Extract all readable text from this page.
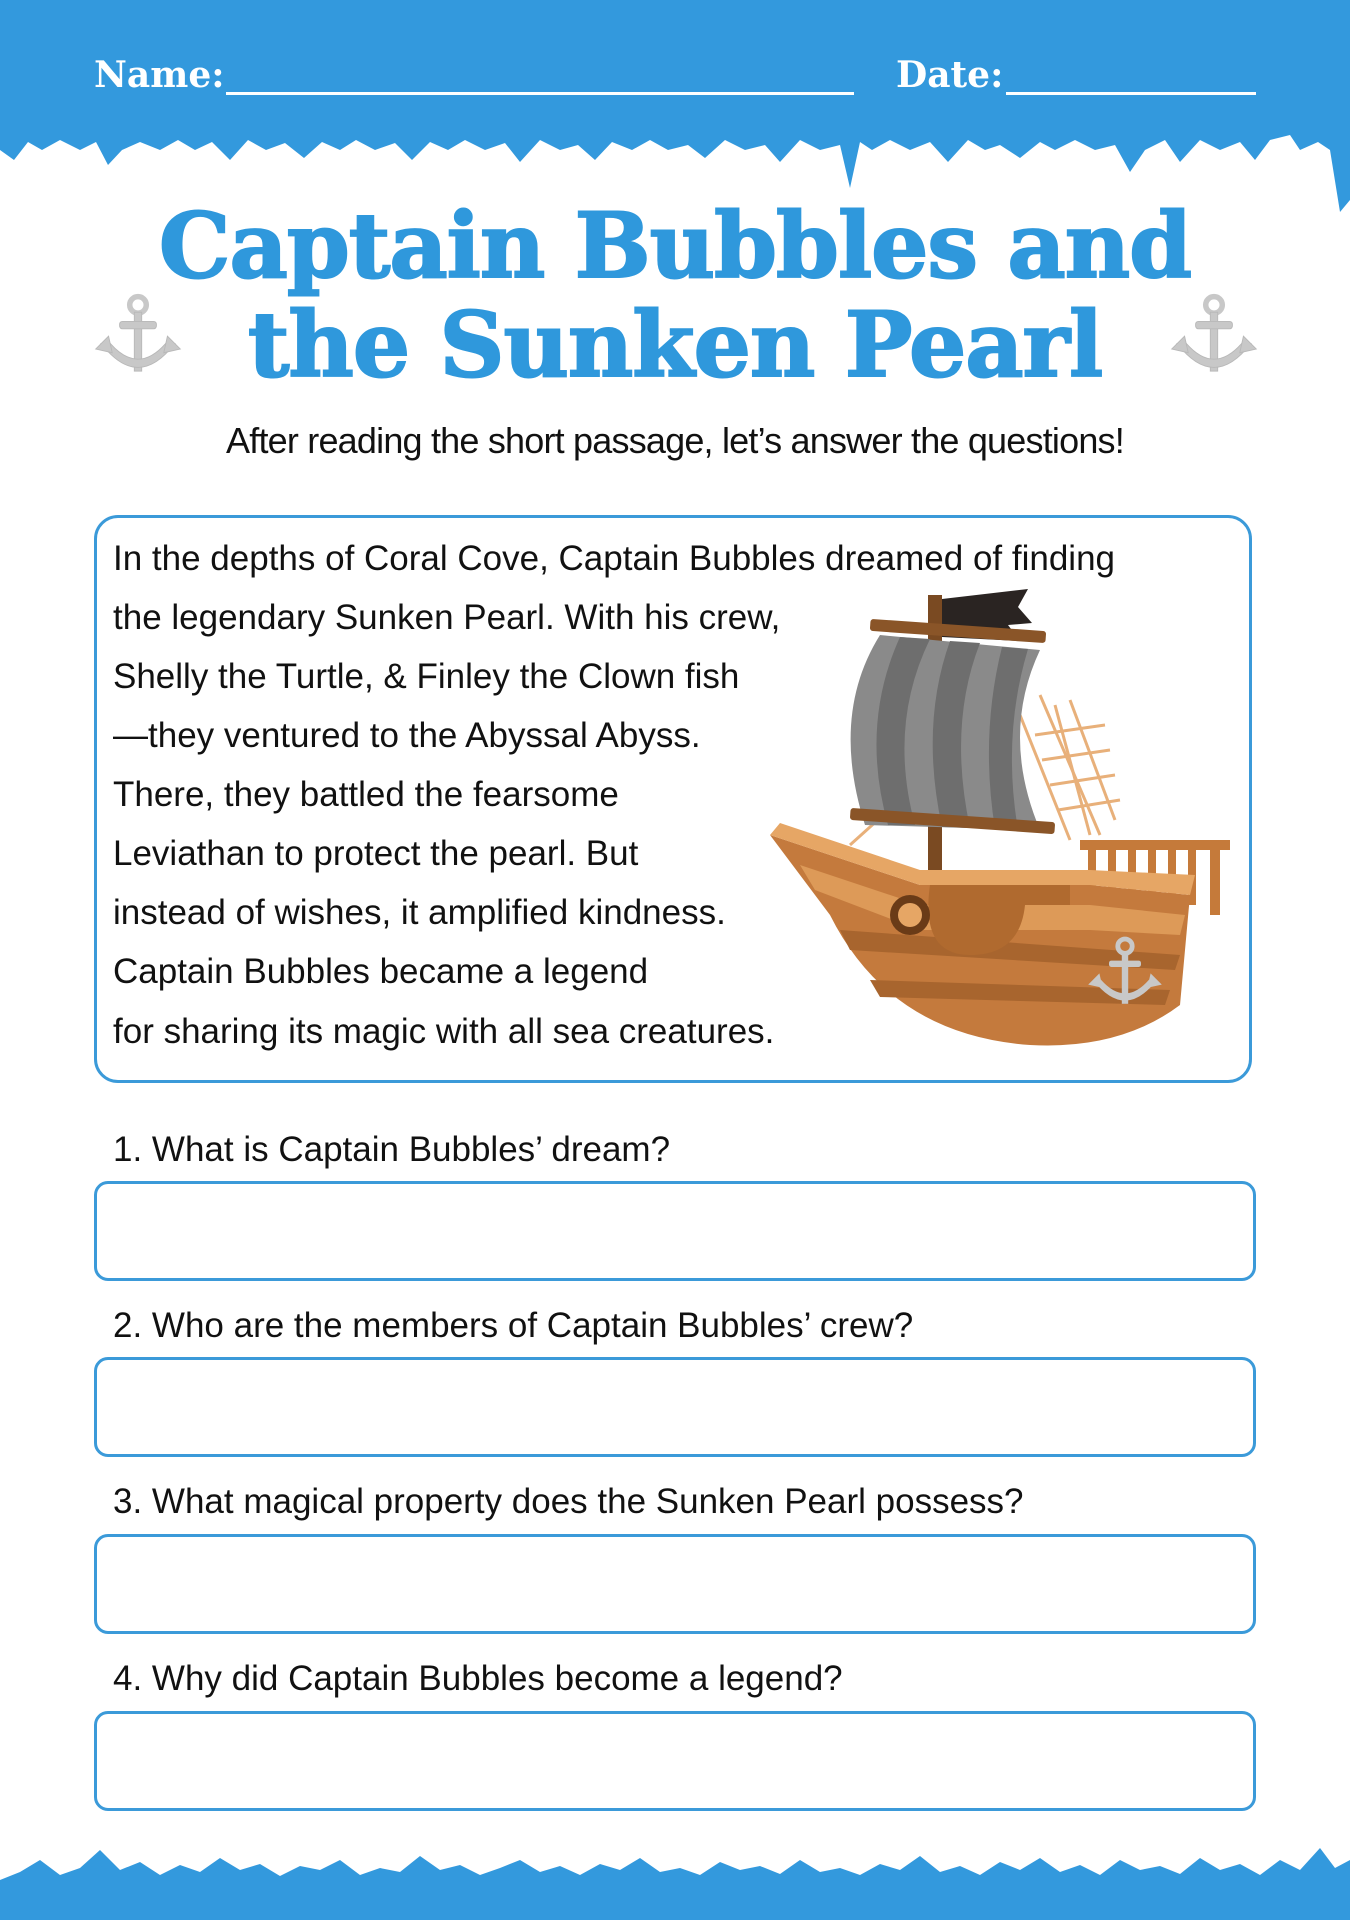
Name:	Date:
Captain Bubbles and
the Sunken Pearl
After reading the short passage, let’s answer the questions!
In the depths of Coral Cove, Captain Bubbles dreamed of finding
the legendary Sunken Pearl. With his crew,
Shelly the Turtle, & Finley the Clown fish
—they ventured to the Abyssal Abyss.
There, they battled the fearsome
Leviathan to protect the pearl. But
instead of wishes, it amplified kindness.
Captain Bubbles became a legend
for sharing its magic with all sea creatures.
1. What is Captain Bubbles’ dream?
2. Who are the members of Captain Bubbles’ crew?
3. What magical property does the Sunken Pearl possess?
4. Why did Captain Bubbles become a legend?
